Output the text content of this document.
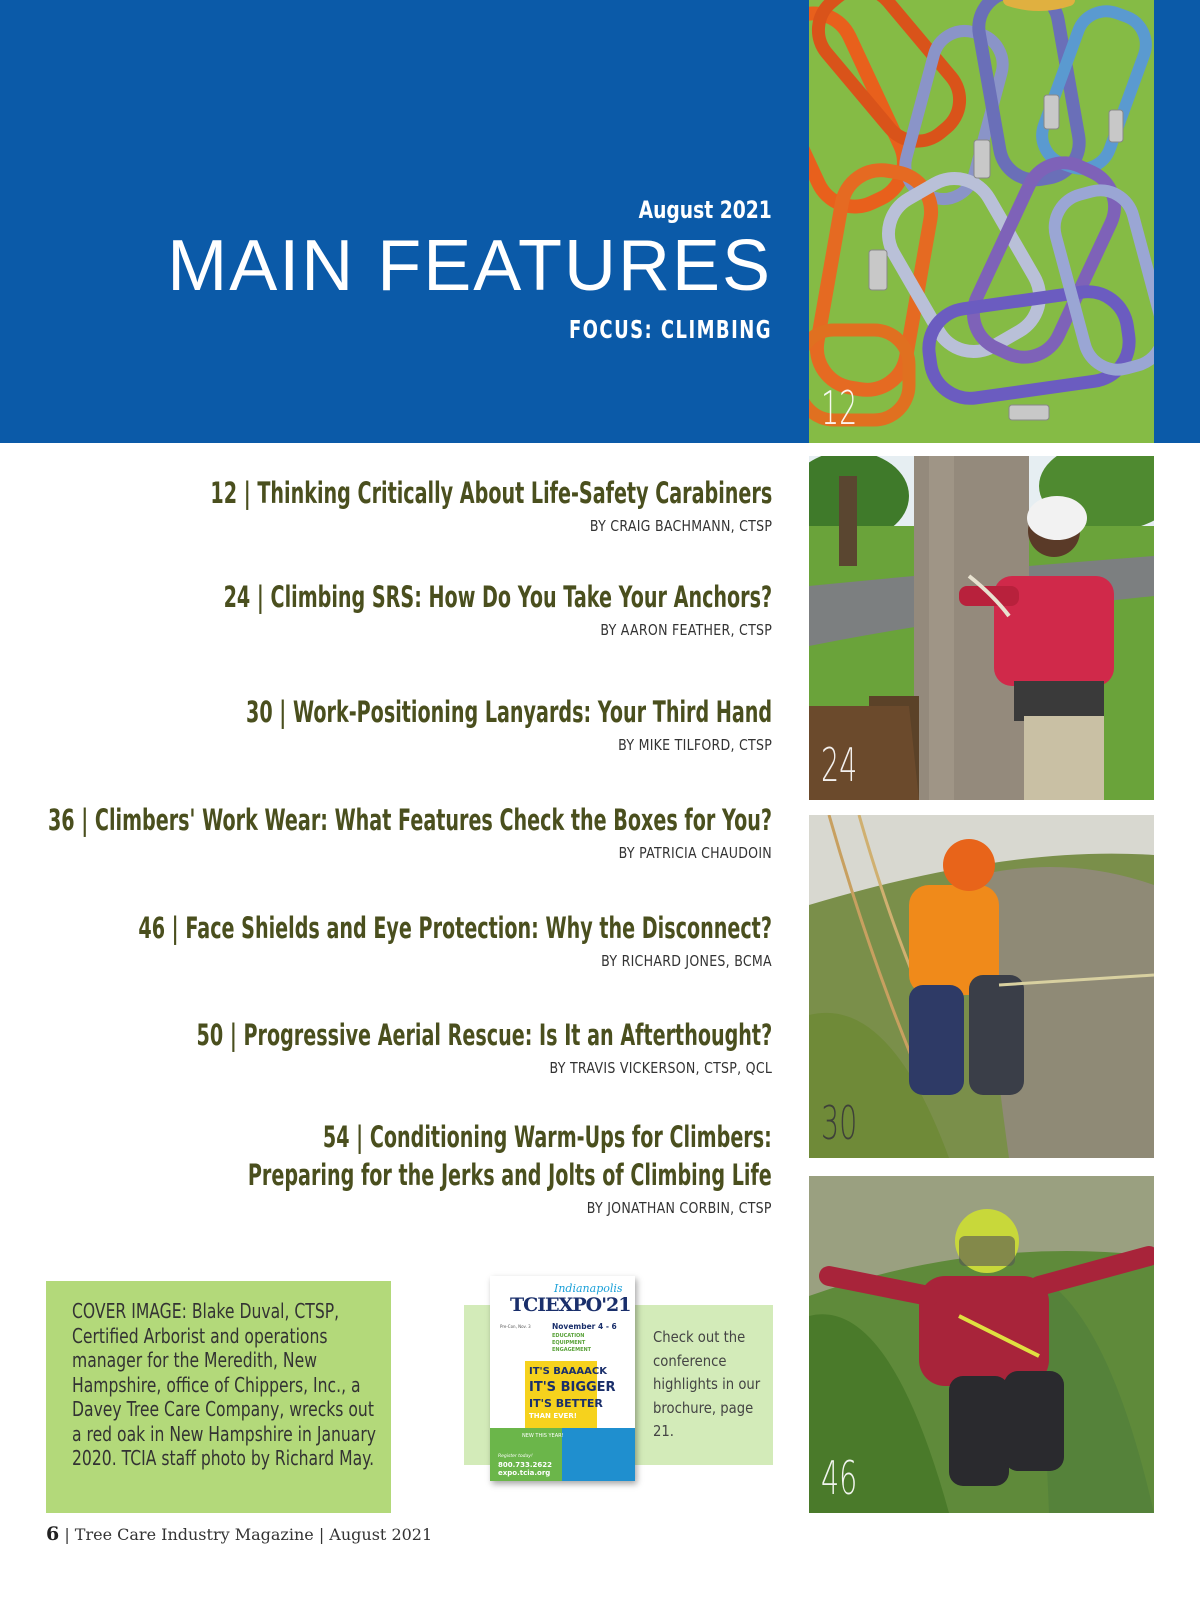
August 2021
MAIN FEATURES
FOCUS: CLIMBING
12
24
30
46
12 | Thinking Critically About Life-Safety Carabiners
BY CRAIG BACHMANN, CTSP
24 | Climbing SRS: How Do You Take Your Anchors?
BY AARON FEATHER, CTSP
30 | Work-Positioning Lanyards: Your Third Hand
BY MIKE TILFORD, CTSP
36 | Climbers' Work Wear: What Features Check the Boxes for You?
BY PATRICIA CHAUDOIN
46 | Face Shields and Eye Protection: Why the Disconnect?
BY RICHARD JONES, BCMA
50 | Progressive Aerial Rescue: Is It an Afterthought?
BY TRAVIS VICKERSON, CTSP, QCL
54 | Conditioning Warm-Ups for Climbers:
Preparing for the Jerks and Jolts of Climbing Life
BY JONATHAN CORBIN, CTSP
COVER IMAGE: Blake Duval, CTSP, Certified Arborist and operations manager for the Meredith, New Hampshire, office of Chippers, Inc., a Davey Tree Care Company, wrecks out a red oak in New Hampshire in January 2020. TCIA staff photo by Richard May.
Indianapolis
TCIEXPO'21
Pre-Con, Nov. 3	November 4 - 6
EDUCATION
EQUIPMENT
ENGAGEMENT
IT'S BAAAACK
IT'S BIGGER
IT'S BETTER
THAN EVER!
NEW THIS YEAR!
Register today!
800.733.2622
expo.tcia.org
Check out the conference highlights in our brochure, page 21.
6 | Tree Care Industry Magazine | August 2021
